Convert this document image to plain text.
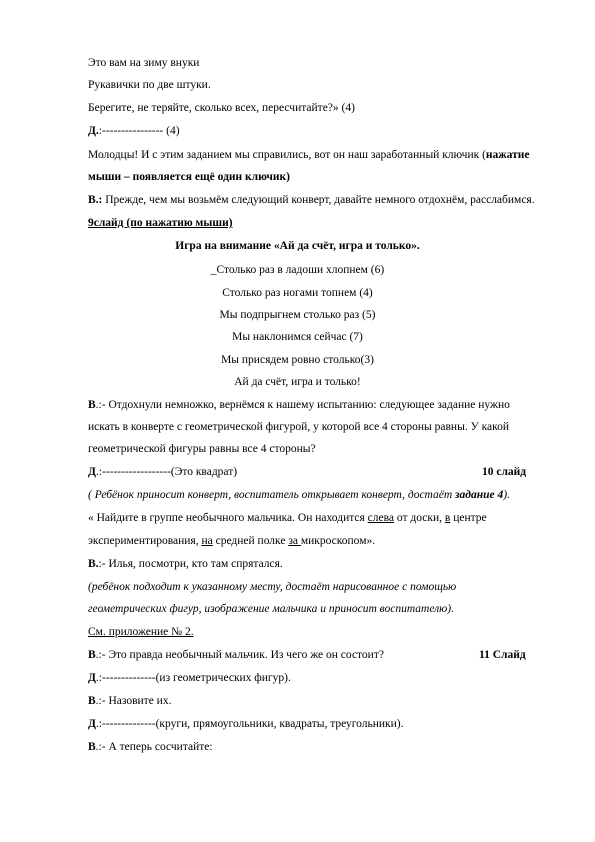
Это вам на зиму внуки
Рукавички по две штуки.
Берегите, не теряйте, сколько всех, пересчитайте?» (4)
Д.:---------------- (4)
Молодцы! И с этим заданием мы справились, вот он наш заработанный ключик (нажатие
мыши – появляется ещё один ключик)
В.: Прежде, чем мы возьмём следующий конверт, давайте немного отдохнём, расслабимся.
9слайд (по нажатию мыши)
Игра на внимание «Ай да счёт, игра и только».
_Столько раз в ладоши хлопнем (6)
Столько раз ногами топнем (4)
Мы подпрыгнем столько раз (5)
Мы наклонимся сейчас (7)
Мы присядем ровно столько(3)
Ай да счёт, игра и только!
В.:- Отдохнули немножко, вернёмся к нашему испытанию: следующее задание нужно
искать в конверте с геометрической фигурой, у которой все 4 стороны равны. У какой
геометрической фигуры равны все 4 стороны?
Д.:------------------(Это квадрат)	10 слайд
( Ребёнок приносит конверт, воспитатель открывает конверт, достаёт задание 4).
« Найдите в группе необычного мальчика. Он находится слева от доски, в центре
экспериментирования, на средней полке за микроскопом».
В.:- Илья, посмотри, кто там спрятался.
(ребёнок подходит к указанному месту, достаёт нарисованное с помощью
геометрических фигур, изображение мальчика и приносит воспитателю).
См. приложение № 2.
В.:- Это правда необычный мальчик. Из чего же он состоит?	11 Слайд
Д.:--------------(из геометрических фигур).
В.:- Назовите их.
Д.:--------------(круги, прямоугольники, квадраты, треугольники).
В.:- А теперь сосчитайте:
